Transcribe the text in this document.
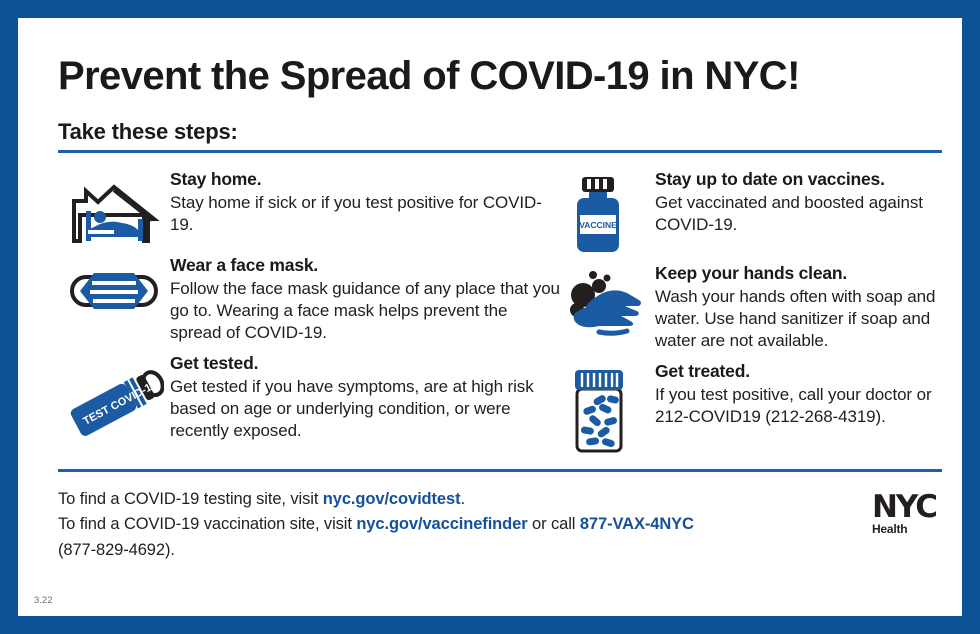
Prevent the Spread of COVID-19 in NYC!
Take these steps:
Stay home.
Stay home if sick or if you test positive for COVID-19.
Wear a face mask.
Follow the face mask guidance of any place that you go to. Wearing a face mask helps prevent the spread of COVID-19.
TEST COVID-19
Get tested.
Get tested if you have symptoms, are at high risk based on age or underlying condition, or were recently exposed.
VACCINE
Stay up to date on vaccines.
Get vaccinated and boosted against COVID-19.
Keep your hands clean.
Wash your hands often with soap and water. Use hand sanitizer if soap and water are not available.
Get treated.
If you test positive, call your doctor or 212-COVID19 (212-268-4319).
To find a COVID-19 testing site, visit nyc.gov/covidtest.
To find a COVID-19 vaccination site, visit nyc.gov/vaccinefinder or call 877-VAX-4NYC
(877-829-4692).
NYC
Health
3.22
